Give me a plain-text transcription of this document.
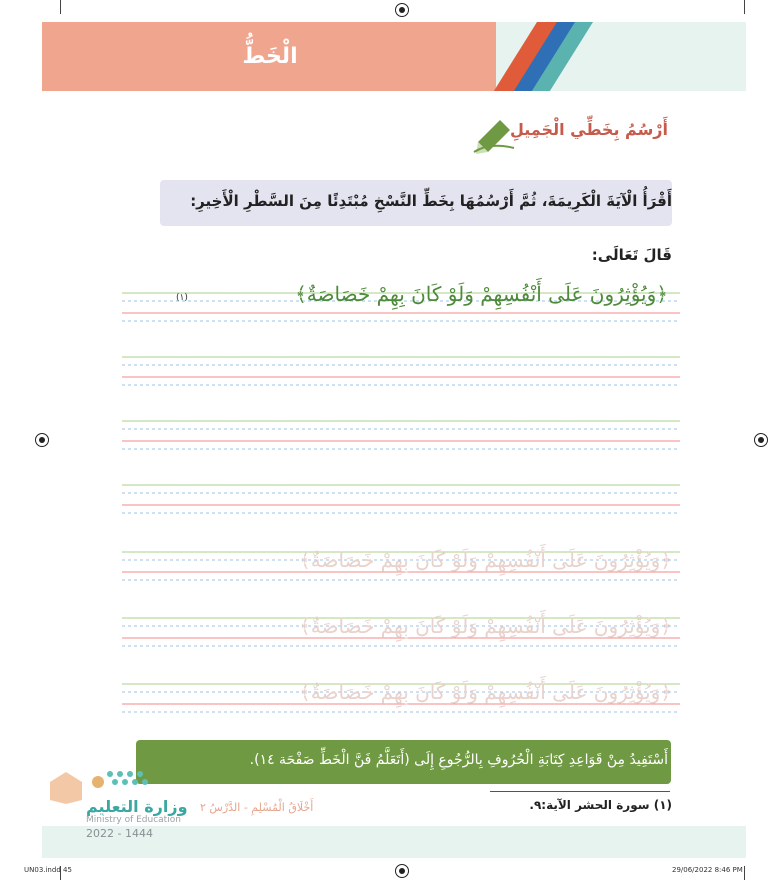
الْخَطُّ
أَرْسُمُ بِخَطِّي الْجَمِيلِ
أَقْرَأُ الْآيَةَ الْكَرِيمَةَ، ثُمَّ أَرْسُمُهَا بِخَطِّ النَّسْخِ مُبْتَدِئًا مِنَ السَّطْرِ الْأَخِيرِ:
قَالَ تَعَالَى:
﴿وَيُؤْثِرُونَ عَلَى أَنْفُسِهِمْ وَلَوْ كَانَ بِهِمْ خَصَاصَةٌ﴾
(١)
﴿وَيُؤْثِرُونَ عَلَى أَنْفُسِهِمْ وَلَوْ كَانَ بِهِمْ خَصَاصَةٌ﴾
﴿وَيُؤْثِرُونَ عَلَى أَنْفُسِهِمْ وَلَوْ كَانَ بِهِمْ خَصَاصَةٌ﴾
﴿وَيُؤْثِرُونَ عَلَى أَنْفُسِهِمْ وَلَوْ كَانَ بِهِمْ خَصَاصَةٌ﴾
أَسْتَفِيدُ مِنْ قَوَاعِدِ كِتَابَةِ الْحُرُوفِ بِالرُّجُوعِ إِلَى (أَتَعَلَّمُ فَنَّ الْخَطِّ صَفْحَة ١٤).
(١) سورة الحشر الآية:٩.
أَخْلَاقُ الْمُسْلِمِ - الدَّرْسُ ٢
وزارة التعليم
Ministry of Education
2022 - 1444
UN03.indd 45	29/06/2022 8:46 PM
